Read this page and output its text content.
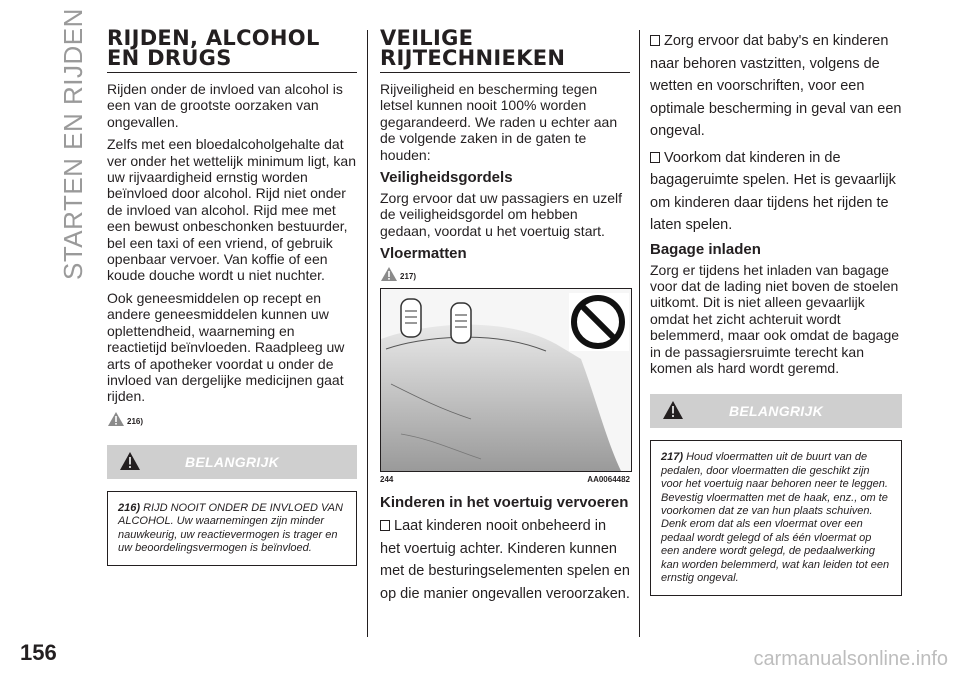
STARTEN EN RIJDEN
156
RIJDEN, ALCOHOL
EN DRUGS

Rijden onder de invloed van alcohol is een van de grootste oorzaken van ongevallen.

Zelfs met een bloedalcoholgehalte dat ver onder het wettelijk minimum ligt, kan uw rijvaardigheid ernstig worden beïnvloed door alcohol. Rijd niet onder de invloed van alcohol. Rijd mee met een bewust onbeschonken bestuurder, bel een taxi of een vriend, of gebruik openbaar vervoer. Van koffie of een koude douche wordt u niet nuchter.

Ook geneesmiddelen op recept en andere geneesmiddelen kunnen uw oplettendheid, waarneming en reactietijd beïnvloeden. Raadpleeg uw arts of apotheker voordat u onder de invloed van dergelijke medicijnen gaat rijden.

216)
BELANGRIJK
216) RIJD NOOIT ONDER DE INVLOED VAN ALCOHOL. Uw waarnemingen zijn minder nauwkeurig, uw reactievermogen is trager en uw beoordelingsvermogen is beïnvloed.
VEILIGE
RIJTECHNIEKEN

Rijveiligheid en bescherming tegen letsel kunnen nooit 100% worden gegarandeerd. We raden u echter aan de volgende zaken in de gaten te houden:

Veiligheidsgordels

Zorg ervoor dat uw passagiers en uzelf de veiligheidsgordel om hebben gedaan, voordat u het voertuig start.

Vloermatten
217)
244	AA0064482
Kinderen in het voertuig vervoeren
Laat kinderen nooit onbeheerd in het voertuig achter. Kinderen kunnen met de besturingselementen spelen en op die manier ongevallen veroorzaken.
Zorg ervoor dat baby's en kinderen naar behoren vastzitten, volgens de wetten en voorschriften, voor een optimale bescherming in geval van een ongeval.
Voorkom dat kinderen in de bagageruimte spelen. Het is gevaarlijk om kinderen daar tijdens het rijden te laten spelen.
Bagage inladen

Zorg er tijdens het inladen van bagage voor dat de lading niet boven de stoelen uitkomt. Dit is niet alleen gevaarlijk omdat het zicht achteruit wordt belemmerd, maar ook omdat de bagage in de passagiersruimte terecht kan komen als hard wordt geremd.

BELANGRIJK
217) Houd vloermatten uit de buurt van de pedalen, door vloermatten die geschikt zijn voor het voertuig naar behoren neer te leggen. Bevestig vloermatten met de haak, enz., om te voorkomen dat ze van hun plaats schuiven. Denk erom dat als een vloermat over een pedaal wordt gelegd of als één vloermat op een andere wordt gelegd, de pedaalwerking kan worden belemmerd, wat kan leiden tot een ernstig ongeval.
carmanualsonline.info
